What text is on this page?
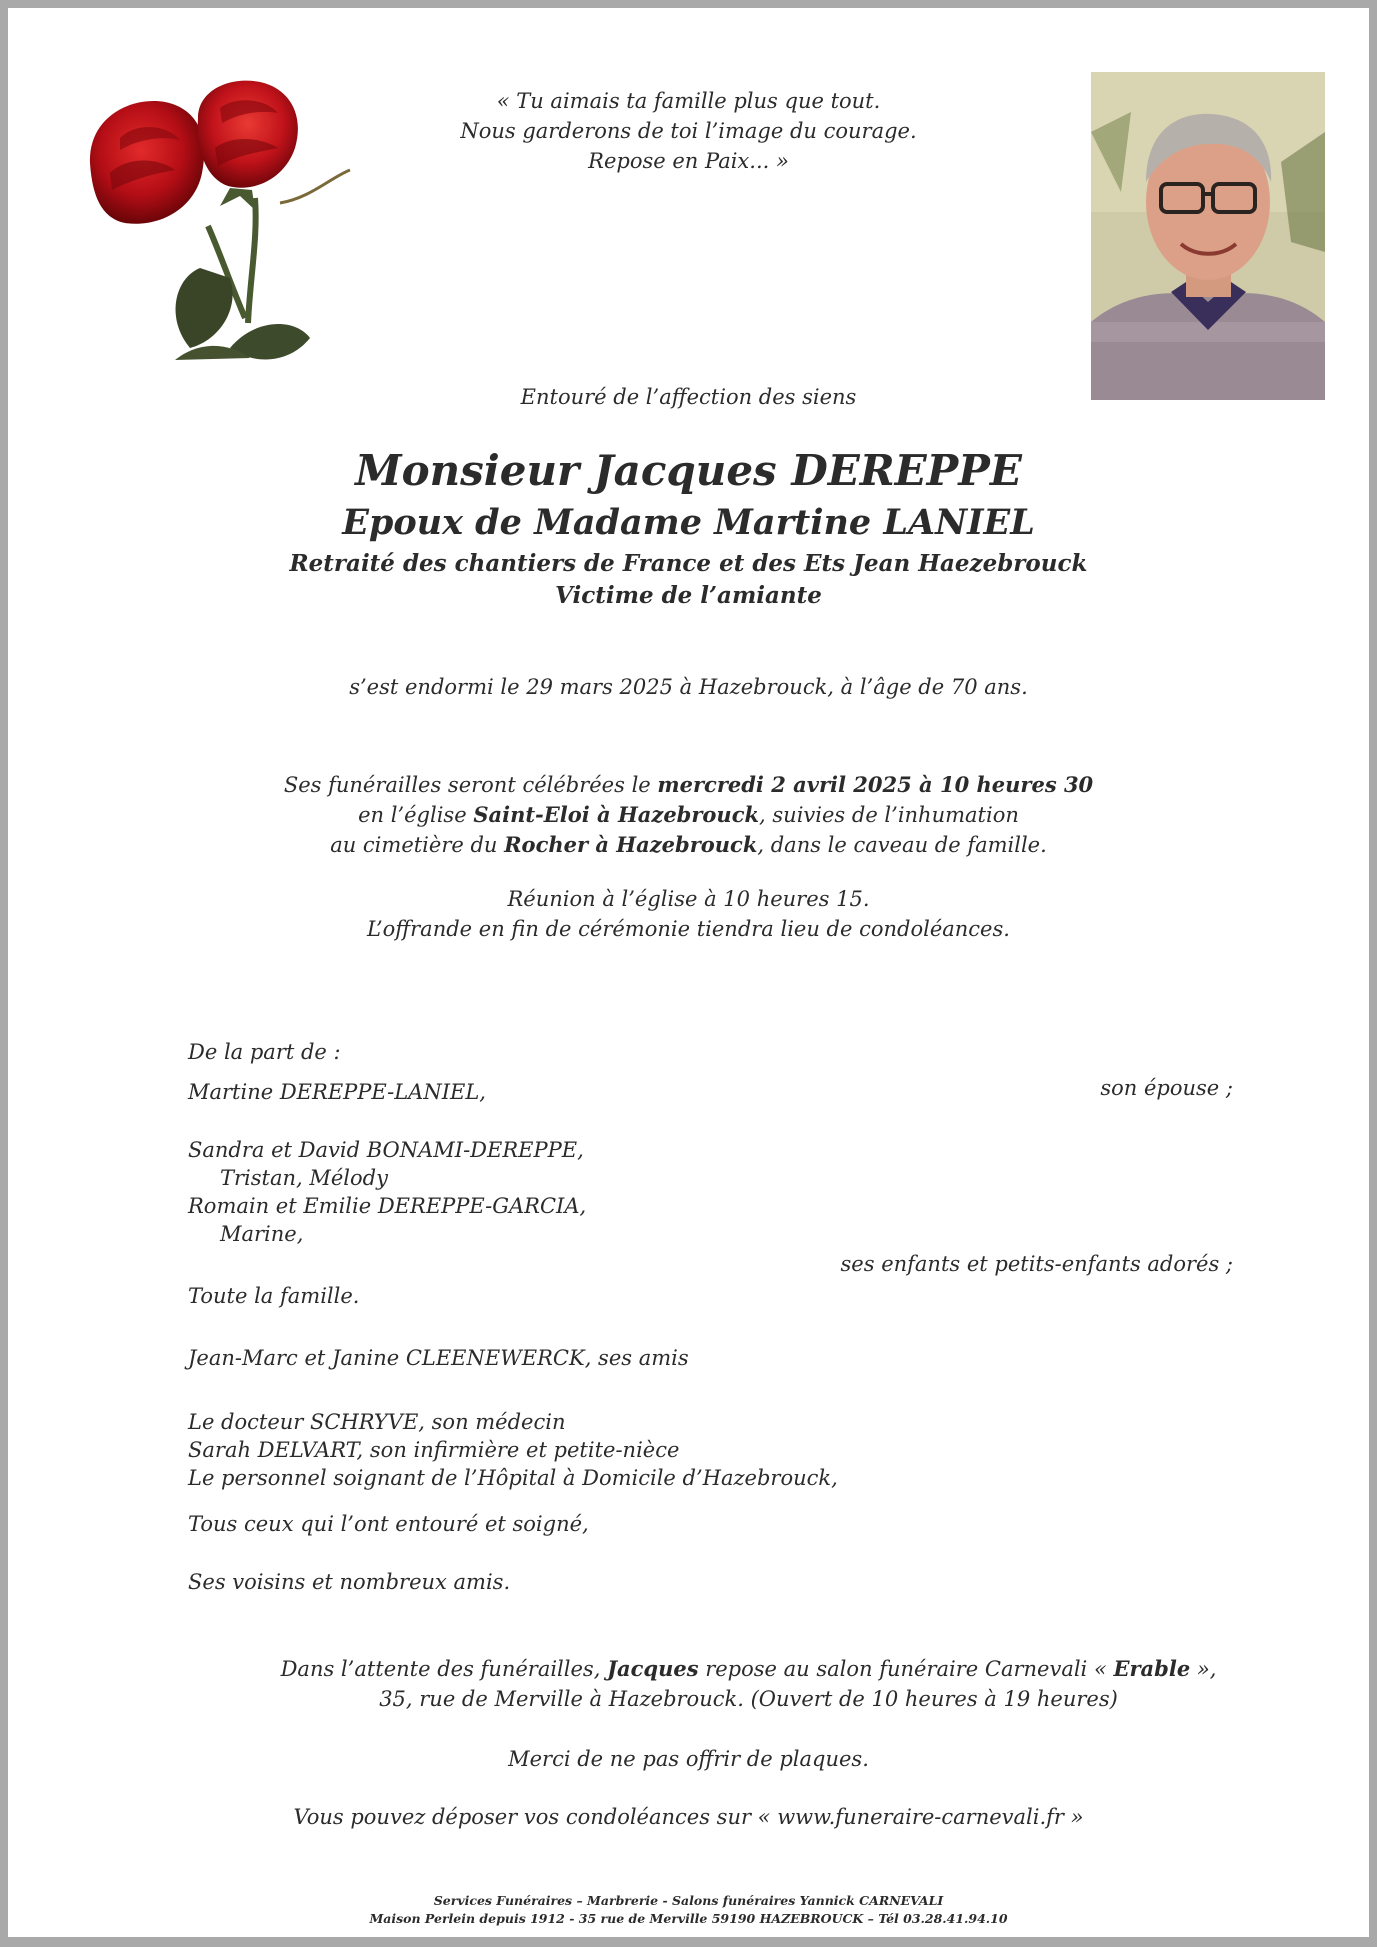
« Tu aimais ta famille plus que tout.
Nous garderons de toi l’image du courage.
Repose en Paix... »
Entouré de l’affection des siens
Monsieur Jacques DEREPPE
Epoux de Madame Martine LANIEL
Retraité des chantiers de France et des Ets Jean Haezebrouck
Victime de l’amiante
s’est endormi le 29 mars 2025 à Hazebrouck, à l’âge de 70 ans.
Ses funérailles seront célébrées le mercredi 2 avril 2025 à 10 heures 30
en l’église Saint-Eloi à Hazebrouck, suivies de l’inhumation
au cimetière du Rocher à Hazebrouck, dans le caveau de famille.
Réunion à l’église à 10 heures 15.
L’offrande en fin de cérémonie tiendra lieu de condoléances.
De la part de :
Martine DEREPPE-LANIEL,	son épouse ;
Sandra et David BONAMI-DEREPPE,
Tristan, Mélody
Romain et Emilie DEREPPE-GARCIA,
Marine,
ses enfants et petits-enfants adorés ;
Toute la famille.
Jean-Marc et Janine CLEENEWERCK, ses amis
Le docteur SCHRYVE, son médecin
Sarah DELVART, son infirmière et petite-nièce
Le personnel soignant de l’Hôpital à Domicile d’Hazebrouck,
Tous ceux qui l’ont entouré et soigné,
Ses voisins et nombreux amis.
Dans l’attente des funérailles, Jacques repose au salon funéraire Carnevali « Erable »,
35, rue de Merville à Hazebrouck. (Ouvert de 10 heures à 19 heures)
Merci de ne pas offrir de plaques.
Vous pouvez déposer vos condoléances sur « www.funeraire-carnevali.fr »
Services Funéraires – Marbrerie - Salons funéraires Yannick CARNEVALI
Maison Perlein depuis 1912 - 35 rue de Merville 59190 HAZEBROUCK – Tél 03.28.41.94.10
